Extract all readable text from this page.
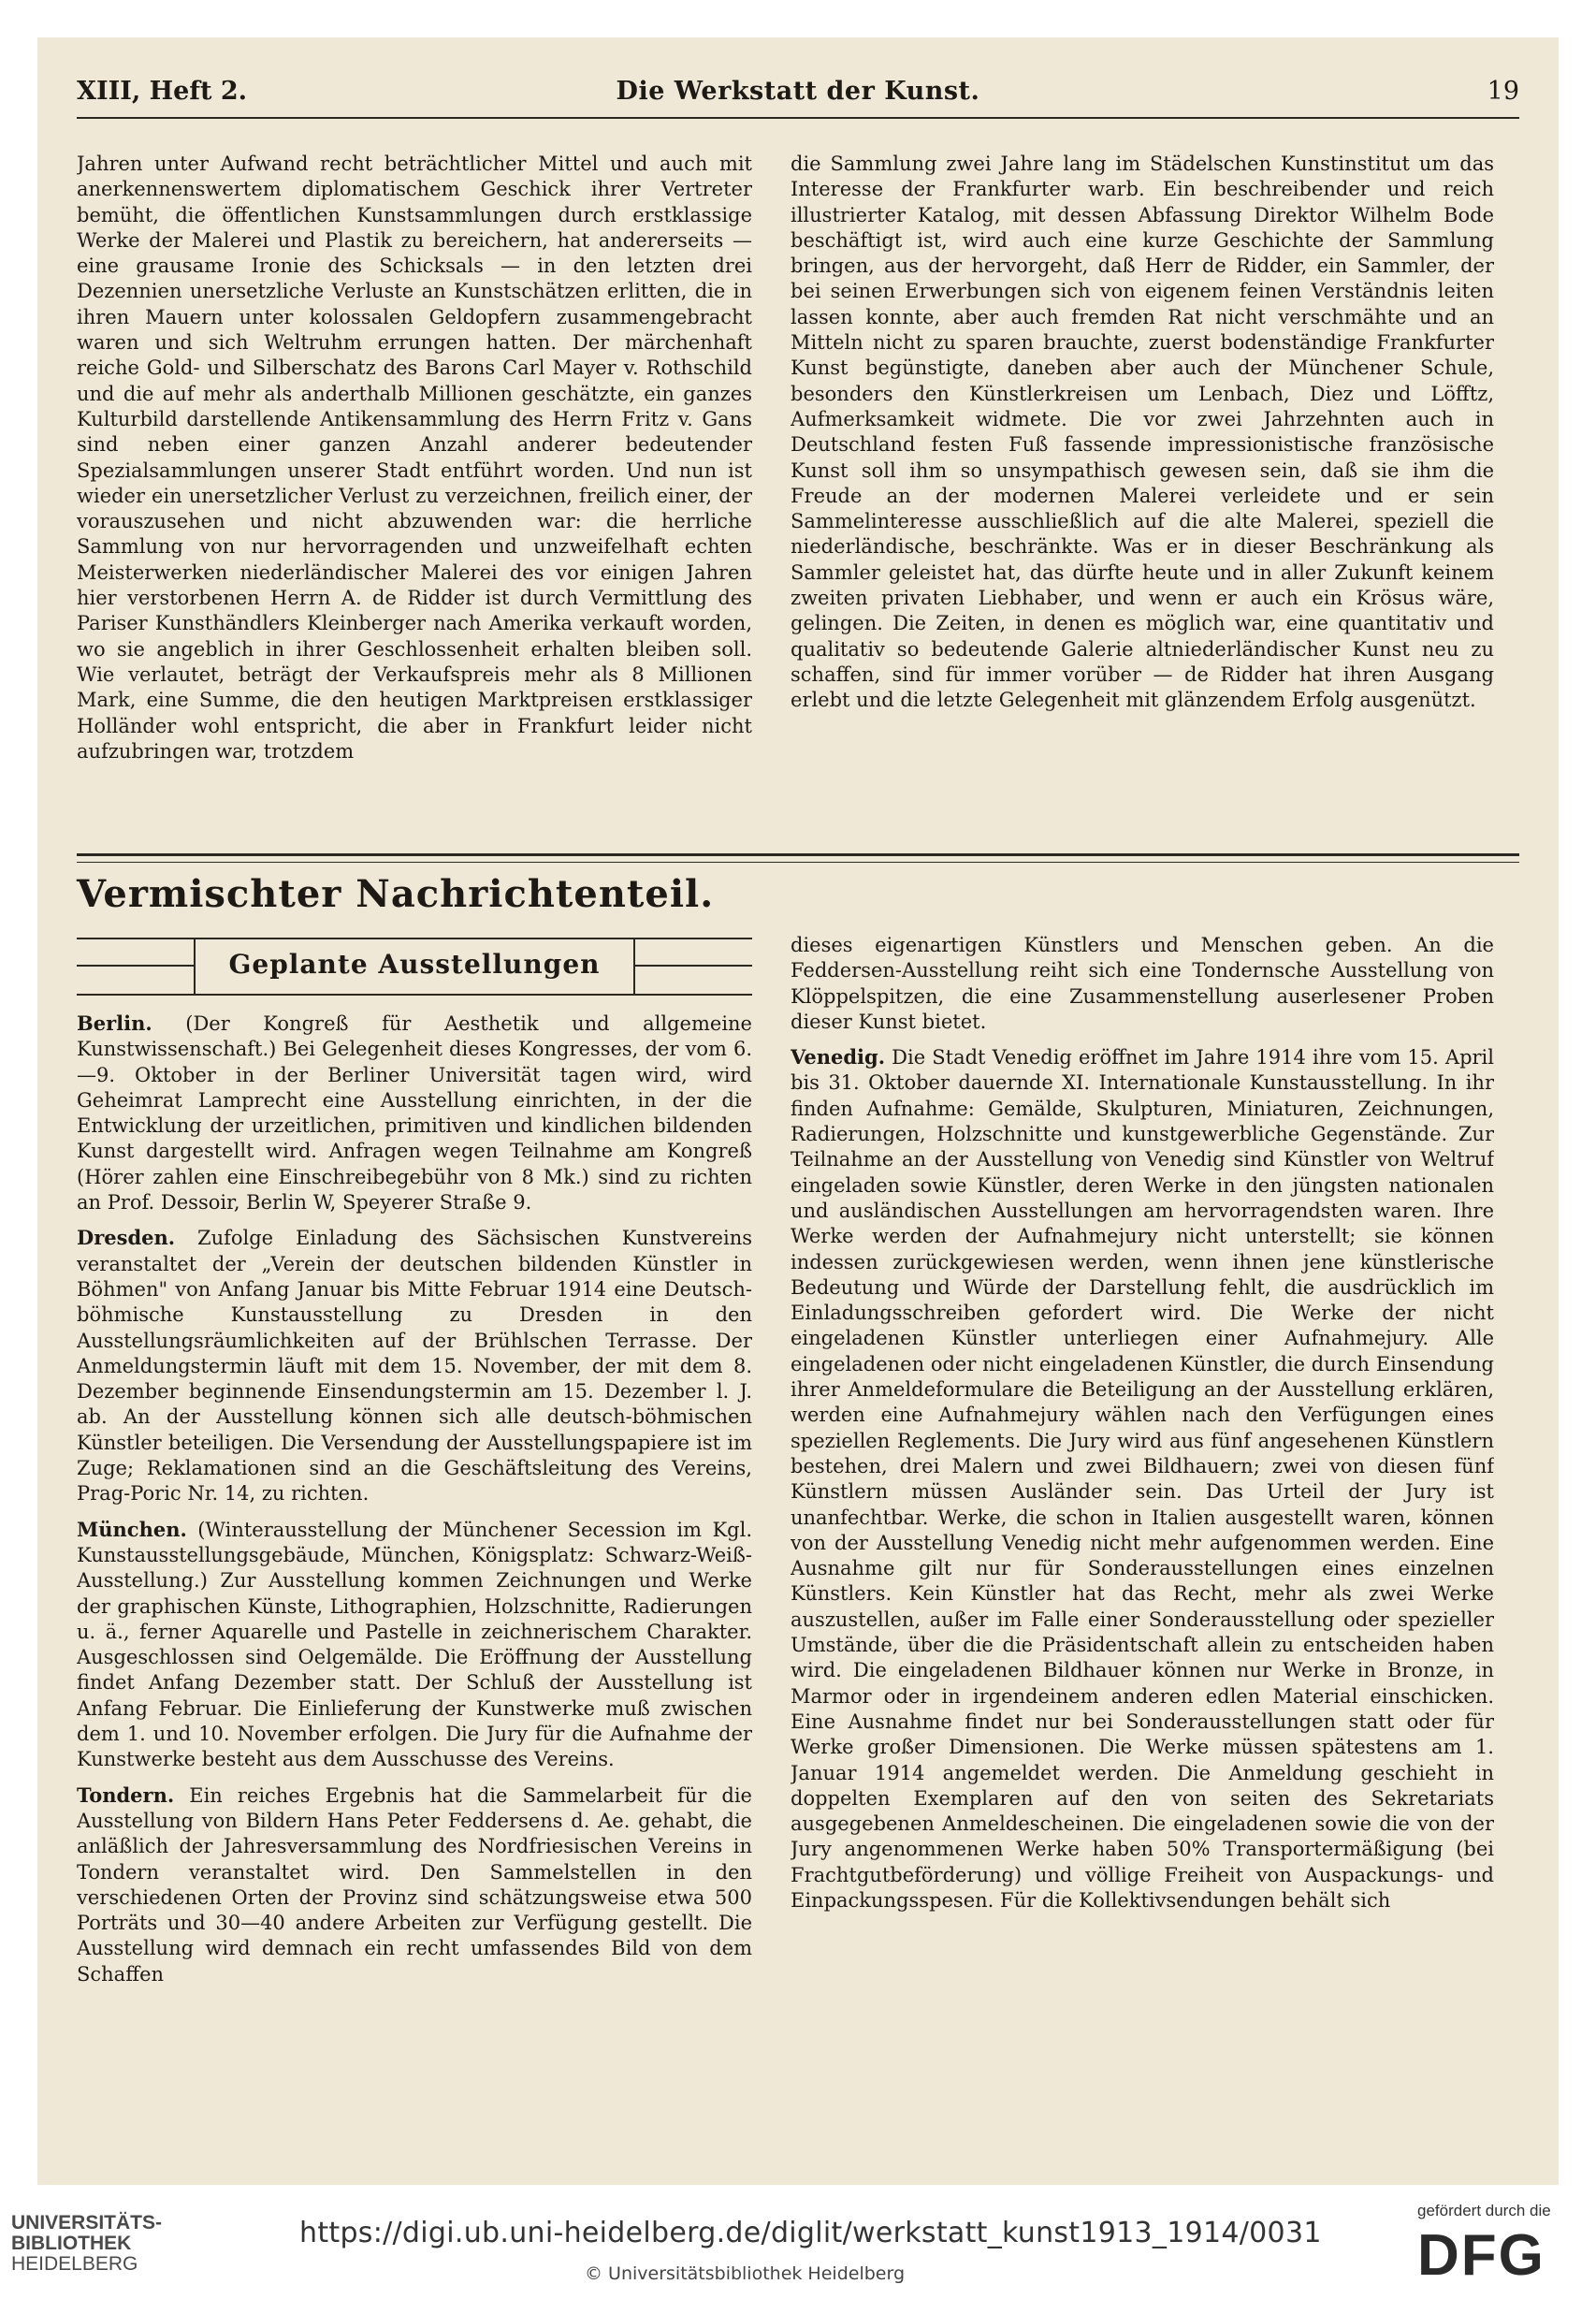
XIII, Heft 2.	Die Werkstatt der Kunst.	19

Jahren unter Aufwand recht beträchtlicher Mittel und auch mit anerkennenswertem diplomatischem Geschick ihrer Vertreter bemüht, die öffentlichen Kunstsammlungen durch erstklassige Werke der Malerei und Plastik zu bereichern, hat andererseits — eine grausame Ironie des Schicksals — in den letzten drei Dezennien unersetzliche Verluste an Kunstschätzen erlitten, die in ihren Mauern unter kolossalen Geldopfern zusammengebracht waren und sich Weltruhm errungen hatten. Der märchenhaft reiche Gold- und Silberschatz des Barons Carl Mayer v. Rothschild und die auf mehr als anderthalb Millionen geschätzte, ein ganzes Kulturbild darstellende Antikensammlung des Herrn Fritz v. Gans sind neben einer ganzen Anzahl anderer bedeutender Spezialsammlungen unserer Stadt entführt worden. Und nun ist wieder ein unersetzlicher Verlust zu verzeichnen, freilich einer, der vorauszusehen und nicht abzuwenden war: die herrliche Sammlung von nur hervorragenden und unzweifelhaft echten Meisterwerken niederländischer Malerei des vor einigen Jahren hier verstorbenen Herrn A. de Ridder ist durch Vermittlung des Pariser Kunsthändlers Kleinberger nach Amerika verkauft worden, wo sie angeblich in ihrer Geschlossenheit erhalten bleiben soll. Wie verlautet, beträgt der Verkaufspreis mehr als 8 Millionen Mark, eine Summe, die den heutigen Marktpreisen erstklassiger Holländer wohl entspricht, die aber in Frankfurt leider nicht aufzubringen war, trotzdem

die Sammlung zwei Jahre lang im Städelschen Kunstinstitut um das Interesse der Frankfurter warb. Ein beschreibender und reich illustrierter Katalog, mit dessen Abfassung Direktor Wilhelm Bode beschäftigt ist, wird auch eine kurze Geschichte der Sammlung bringen, aus der hervorgeht, daß Herr de Ridder, ein Sammler, der bei seinen Erwerbungen sich von eigenem feinen Verständnis leiten lassen konnte, aber auch fremden Rat nicht verschmähte und an Mitteln nicht zu sparen brauchte, zuerst bodenständige Frankfurter Kunst begünstigte, daneben aber auch der Münchener Schule, besonders den Künstlerkreisen um Lenbach, Diez und Löfftz, Aufmerksamkeit widmete. Die vor zwei Jahrzehnten auch in Deutschland festen Fuß fassende impressionistische französische Kunst soll ihm so unsympathisch gewesen sein, daß sie ihm die Freude an der modernen Malerei verleidete und er sein Sammelinteresse ausschließlich auf die alte Malerei, speziell die niederländische, beschränkte. Was er in dieser Beschränkung als Sammler geleistet hat, das dürfte heute und in aller Zukunft keinem zweiten privaten Liebhaber, und wenn er auch ein Krösus wäre, gelingen. Die Zeiten, in denen es möglich war, eine quantitativ und qualitativ so bedeutende Galerie altniederländischer Kunst neu zu schaffen, sind für immer vorüber — de Ridder hat ihren Ausgang erlebt und die letzte Gelegenheit mit glänzendem Erfolg ausgenützt.

Vermischter Nachrichtenteil.
Geplante Ausstellungen

Berlin. (Der Kongreß für Aesthetik und allgemeine Kunstwissenschaft.) Bei Gelegenheit dieses Kongresses, der vom 6.—9. Oktober in der Berliner Universität tagen wird, wird Geheimrat Lamprecht eine Ausstellung einrichten, in der die Entwicklung der urzeitlichen, primitiven und kindlichen bildenden Kunst dargestellt wird. Anfragen wegen Teilnahme am Kongreß (Hörer zahlen eine Einschreibegebühr von 8 Mk.) sind zu richten an Prof. Dessoir, Berlin W, Speyerer Straße 9.

Dresden. Zufolge Einladung des Sächsischen Kunstvereins veranstaltet der „Verein der deutschen bildenden Künstler in Böhmen" von Anfang Januar bis Mitte Februar 1914 eine Deutsch-böhmische Kunstausstellung zu Dresden in den Ausstellungsräumlichkeiten auf der Brühlschen Terrasse. Der Anmeldungstermin läuft mit dem 15. November, der mit dem 8. Dezember beginnende Einsendungstermin am 15. Dezember l. J. ab. An der Ausstellung können sich alle deutsch-böhmischen Künstler beteiligen. Die Versendung der Ausstellungspapiere ist im Zuge; Reklamationen sind an die Geschäftsleitung des Vereins, Prag-Poric Nr. 14, zu richten.

München. (Winterausstellung der Münchener Secession im Kgl. Kunstausstellungsgebäude, München, Königsplatz: Schwarz-Weiß-Ausstellung.) Zur Ausstellung kommen Zeichnungen und Werke der graphischen Künste, Lithographien, Holzschnitte, Radierungen u. ä., ferner Aquarelle und Pastelle in zeichnerischem Charakter. Ausgeschlossen sind Oelgemälde. Die Eröffnung der Ausstellung findet Anfang Dezember statt. Der Schluß der Ausstellung ist Anfang Februar. Die Einlieferung der Kunstwerke muß zwischen dem 1. und 10. November erfolgen. Die Jury für die Aufnahme der Kunstwerke besteht aus dem Ausschusse des Vereins.

Tondern. Ein reiches Ergebnis hat die Sammelarbeit für die Ausstellung von Bildern Hans Peter Feddersens d. Ae. gehabt, die anläßlich der Jahresversammlung des Nordfriesischen Vereins in Tondern veranstaltet wird. Den Sammelstellen in den verschiedenen Orten der Provinz sind schätzungsweise etwa 500 Porträts und 30—40 andere Arbeiten zur Verfügung gestellt. Die Ausstellung wird demnach ein recht umfassendes Bild von dem Schaffen

dieses eigenartigen Künstlers und Menschen geben. An die Feddersen-Ausstellung reiht sich eine Tondernsche Ausstellung von Klöppelspitzen, die eine Zusammenstellung auserlesener Proben dieser Kunst bietet.

Venedig. Die Stadt Venedig eröffnet im Jahre 1914 ihre vom 15. April bis 31. Oktober dauernde XI. Internationale Kunstausstellung. In ihr finden Aufnahme: Gemälde, Skulpturen, Miniaturen, Zeichnungen, Radierungen, Holzschnitte und kunstgewerbliche Gegenstände. Zur Teilnahme an der Ausstellung von Venedig sind Künstler von Weltruf eingeladen sowie Künstler, deren Werke in den jüngsten nationalen und ausländischen Ausstellungen am hervorragendsten waren. Ihre Werke werden der Aufnahmejury nicht unterstellt; sie können indessen zurückgewiesen werden, wenn ihnen jene künstlerische Bedeutung und Würde der Darstellung fehlt, die ausdrücklich im Einladungsschreiben gefordert wird. Die Werke der nicht eingeladenen Künstler unterliegen einer Aufnahmejury. Alle eingeladenen oder nicht eingeladenen Künstler, die durch Einsendung ihrer Anmeldeformulare die Beteiligung an der Ausstellung erklären, werden eine Aufnahmejury wählen nach den Verfügungen eines speziellen Reglements. Die Jury wird aus fünf angesehenen Künstlern bestehen, drei Malern und zwei Bildhauern; zwei von diesen fünf Künstlern müssen Ausländer sein. Das Urteil der Jury ist unanfechtbar. Werke, die schon in Italien ausgestellt waren, können von der Ausstellung Venedig nicht mehr aufgenommen werden. Eine Ausnahme gilt nur für Sonderausstellungen eines einzelnen Künstlers. Kein Künstler hat das Recht, mehr als zwei Werke auszustellen, außer im Falle einer Sonderausstellung oder spezieller Umstände, über die die Präsidentschaft allein zu entscheiden haben wird. Die eingeladenen Bildhauer können nur Werke in Bronze, in Marmor oder in irgendeinem anderen edlen Material einschicken. Eine Ausnahme findet nur bei Sonderausstellungen statt oder für Werke großer Dimensionen. Die Werke müssen spätestens am 1. Januar 1914 angemeldet werden. Die Anmeldung geschieht in doppelten Exemplaren auf den von seiten des Sekretariats ausgegebenen Anmeldescheinen. Die eingeladenen sowie die von der Jury angenommenen Werke haben 50% Transportermäßigung (bei Frachtgutbeförderung) und völlige Freiheit von Auspackungs- und Einpackungsspesen. Für die Kollektivsendungen behält sich

UNIVERSITÄTS-
BIBLIOTHEK
HEIDELBERG
https://digi.ub.uni-heidelberg.de/diglit/werkstatt_kunst1913_1914/0031
© Universitätsbibliothek Heidelberg
gefördert durch die
DFG
